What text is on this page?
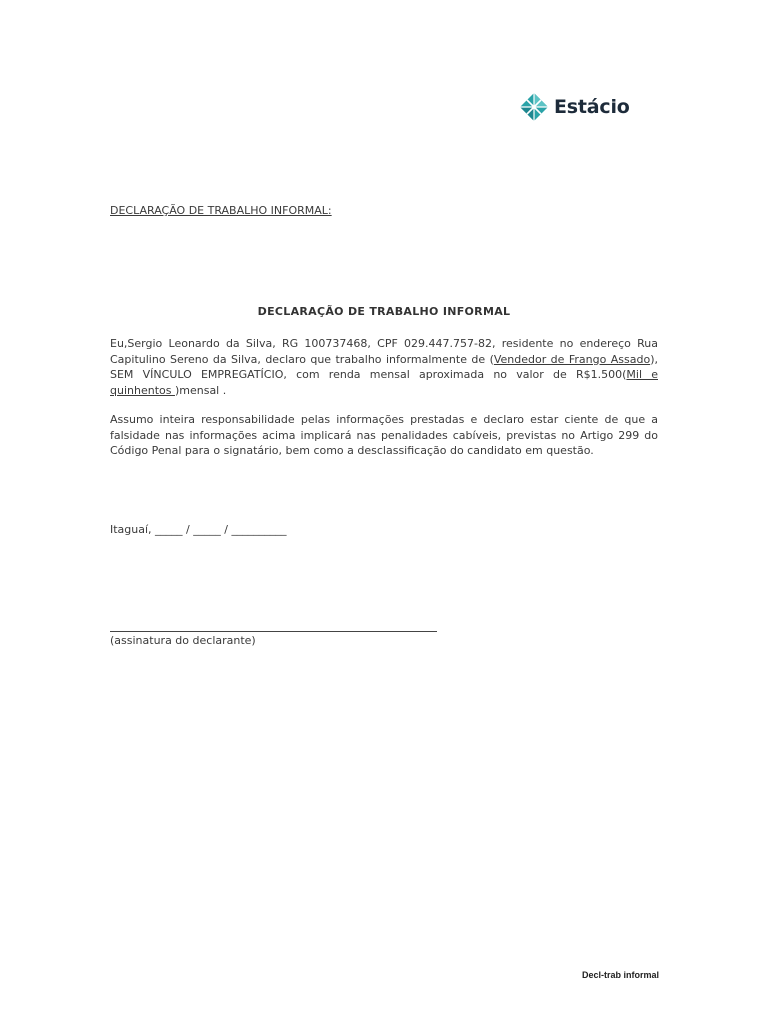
Estácio
DECLARAÇÃO DE TRABALHO INFORMAL:
DECLARAÇÃO DE TRABALHO INFORMAL
Eu,Sergio Leonardo da Silva, RG 100737468, CPF 029.447.757-82, residente no endereço Rua Capitulino Sereno da Silva, declaro que trabalho informalmente de (Vendedor de Frango Assado), SEM VÍNCULO EMPREGATÍCIO, com renda mensal aproximada no valor de R$1.500(Mil e quinhentos )mensal .
Assumo inteira responsabilidade pelas informações prestadas e declaro estar ciente de que a falsidade nas informações acima implicará nas penalidades cabíveis, previstas no Artigo 299 do Código Penal para o signatário, bem como a desclassificação do candidato em questão.
Itaguaí, _____ / _____ / __________
(assinatura do declarante)
Decl-trab informal
